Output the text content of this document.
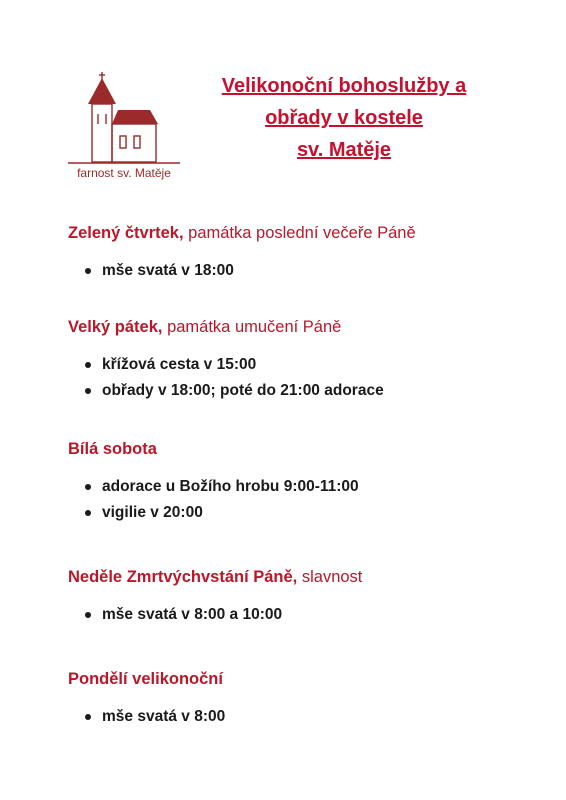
farnost sv. Matěje
Velikonoční bohoslužby a
obřady v kostele
sv. Matěje
Zelený čtvrtek, památka poslední večeře Páně
mše svatá v 18:00
Velký pátek, památka umučení Páně
křížová cesta v 15:00
obřady v 18:00; poté do 21:00 adorace
Bílá sobota
adorace u Božího hrobu 9:00-11:00
vigilie v 20:00
Neděle Zmrtvýchvstání Páně, slavnost
mše svatá v 8:00 a 10:00
Pondělí velikonoční
mše svatá v 8:00
